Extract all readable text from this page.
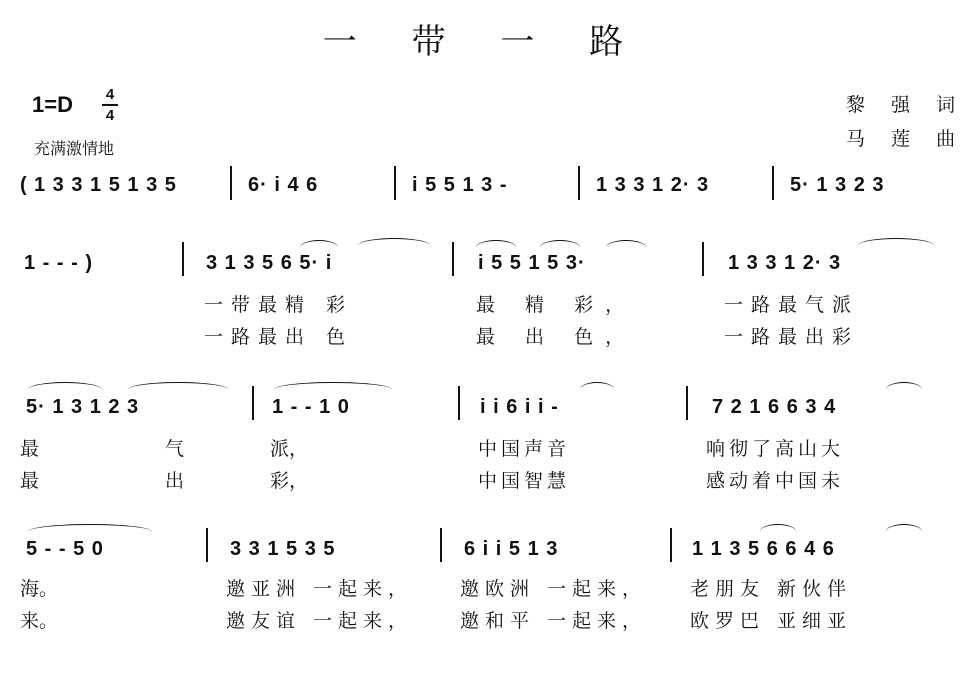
一 带 一 路
1=D 4
4
充满激情地
黎 强 词
马 莲 曲
( 1 3 3 1 5 1 3 5	6· i 4 6	i 5 5 1 3 -	1 3 3 1 2· 3	5· 1 3 2 3
1 - - - )	3 1 3 5 6 5· i	i 5 5 1 5 3·	1 3 3 1 2· 3
一带最精 彩	最 精 彩，	一路最气派
一路最出 色	最 出 色，	一路最出彩
5· 1 3 1 2 3	1 - - 1 0	i i 6 i i -	7 2 1 6 6 3 4
最 气 派，	中国声音	响彻了高山大
最 出 彩，	中国智慧	感动着中国未
5 - - 5 0	3 3 1 5 3 5	6 i i 5 1 3	1 1 3 5 6 6 4 6
海。	邀亚洲 一起来， 邀欧洲 一起来， 老朋友 新伙伴
来。	邀友谊 一起来， 邀和平 一起来， 欧罗巴 亚细亚
